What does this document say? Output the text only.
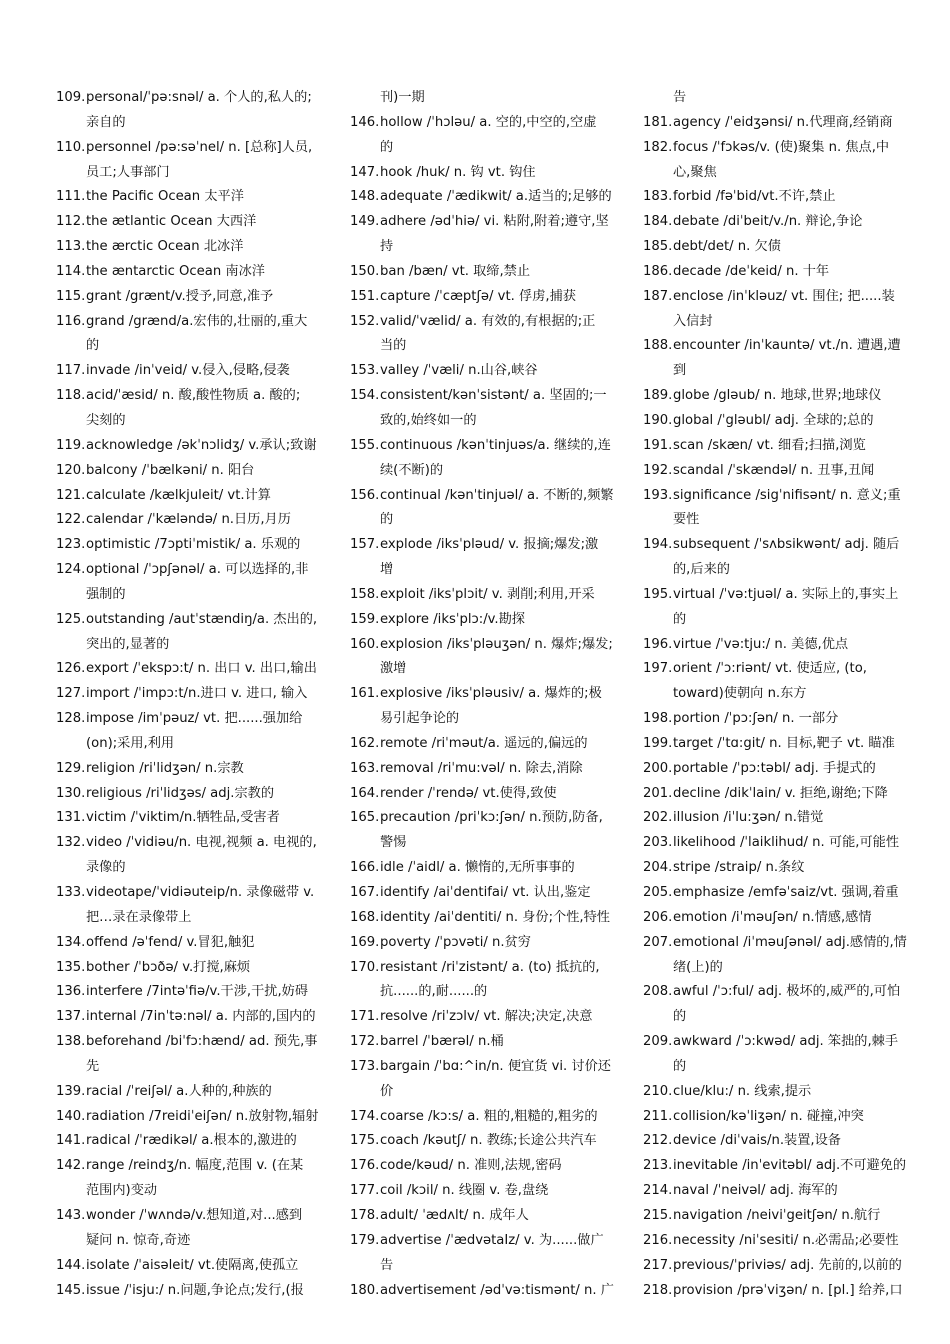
109.personal/ˈpə:snəl/ a. 个人的,私人的;
亲自的
110.personnel /pə:səˈnel/ n. [总称]人员,
员工;人事部门
111.the Pacific Ocean 太平洋
112.the ætlantic Ocean 大西洋
113.the ærctic Ocean 北冰洋
114.the æntarctic Ocean 南冰洋
115.grant /grænt/v.授予,同意,准予
116.grand /grænd/a.宏伟的,壮丽的,重大
的
117.invade /inˈveid/ v.侵入,侵略,侵袭
118.acid/ˈæsid/ n. 酸,酸性物质 a. 酸的;
尖刻的
119.acknowledge /əkˈnɔlidʒ/ v.承认;致谢
120.balcony /ˈbælkəni/ n. 阳台
121.calculate /kælkjuleit/ vt.计算
122.calendar /ˈkæləndə/ n.日历,月历
123.optimistic /7ɔptiˈmistik/ a. 乐观的
124.optional /ˈɔpʃənəl/ a. 可以选择的,非
强制的
125.outstanding /autˈstændiŋ/a. 杰出的,
突出的,显著的
126.export /ˈekspɔ:t/ n. 出口 v. 出口,输出
127.import /ˈimpɔ:t/n.进口 v. 进口, 输入
128.impose /imˈpəuz/ vt. 把......强加给
(on);采用,利用
129.religion /riˈlidʒən/ n.宗教
130.religious /riˈlidʒəs/ adj.宗教的
131.victim /ˈviktim/n.牺牲品,受害者
132.video /ˈvidiəu/n. 电视,视频 a. 电视的,
录像的
133.videotape/ˈvidiəuteip/n. 录像磁带 v.
把…录在录像带上
134.offend /əˈfend/ v.冒犯,触犯
135.bother /ˈbɔðə/ v.打搅,麻烦
136.interfere /7intəˈfiə/v.干涉,干扰,妨碍
137.internal /7inˈtə:nəl/ a. 内部的,国内的
138.beforehand /biˈfɔ:hænd/ ad. 预先,事
先
139.racial /ˈreiʃəl/ a.人种的,种族的
140.radiation /7reidiˈeiʃən/ n.放射物,辐射
141.radical /ˈrædikəl/ a.根本的,激进的
142.range /reindʒ/n. 幅度,范围 v. (在某
范围内)变动
143.wonder /ˈwʌndə/v.想知道,对...感到
疑问 n. 惊奇,奇迹
144.isolate /ˈaisəleit/ vt.使隔离,使孤立
145.issue /ˈisju:/ n.问题,争论点;发行,(报
刊)一期
146.hollow /ˈhɔləu/ a. 空的,中空的,空虚
的
147.hook /huk/ n. 钩 vt. 钩住
148.adequate /ˈædikwit/ a.适当的;足够的
149.adhere /ədˈhiə/ vi. 粘附,附着;遵守,坚
持
150.ban /bæn/ vt. 取缔,禁止
151.capture /ˈcæptʃə/ vt. 俘虏,捕获
152.valid/ˈvælid/ a. 有效的,有根据的;正
当的
153.valley /ˈvæli/ n.山谷,峡谷
154.consistent/kənˈsistənt/ a. 坚固的;一
致的,始终如一的
155.continuous /kənˈtinjuəs/a. 继续的,连
续(不断)的
156.continual /kənˈtinjuəl/ a. 不断的,频繁
的
157.explode /iksˈpləud/ v. 报摘;爆发;激
增
158.exploit /iksˈplɔit/ v. 剥削;利用,开采
159.explore /iksˈplɔ:/v.勘探
160.explosion /iksˈpləuʒən/ n. 爆炸;爆发;
激增
161.explosive /iksˈpləusiv/ a. 爆炸的;极
易引起争论的
162.remote /riˈməut/a. 遥远的,偏远的
163.removal /riˈmu:vəl/ n. 除去,消除
164.render /ˈrendə/ vt.使得,致使
165.precaution /priˈkɔ:ʃən/ n.预防,防备,
警惕
166.idle /ˈaidl/ a. 懒惰的,无所事事的
167.identify /aiˈdentifai/ vt. 认出,鉴定
168.identity /aiˈdentiti/ n. 身份;个性,特性
169.poverty /ˈpɔvəti/ n.贫穷
170.resistant /riˈzistənt/ a. (to) 抵抗的,
抗......的,耐......的
171.resolve /riˈzɔlv/ vt. 解决;决定,决意
172.barrel /ˈbærəl/ n.桶
173.bargain /ˈbɑ:^in/n. 便宜货 vi. 讨价还
价
174.coarse /kɔ:s/ a. 粗的,粗糙的,粗劣的
175.coach /kəutʃ/ n. 教练;长途公共汽车
176.code/kəud/ n. 准则,法规,密码
177.coil /kɔil/ n. 线圈 v. 卷,盘绕
178.adult/ ˈædʌlt/ n. 成年人
179.advertise /ˈædvətaIz/ v. 为......做广
告
180.advertisement /ədˈvə:tismənt/ n. 广
告
181.agency /ˈeidʒənsi/ n.代理商,经销商
182.focus /ˈfɔkəs/v. (使)聚集 n. 焦点,中
心,聚焦
183.forbid /fəˈbid/vt.不许,禁止
184.debate /diˈbeit/v./n. 辩论,争论
185.debt/det/ n. 欠债
186.decade /deˈkeid/ n. 十年
187.enclose /inˈkləuz/ vt. 围住; 把.....装
入信封
188.encounter /inˈkauntə/ vt./n. 遭遇,遭
到
189.globe /gləub/ n. 地球,世界;地球仪
190.global /ˈgləubl/ adj. 全球的;总的
191.scan /skæn/ vt. 细看;扫描,浏览
192.scandal /ˈskændəl/ n. 丑事,丑闻
193.significance /sigˈnifisənt/ n. 意义;重
要性
194.subsequent /ˈsʌbsikwənt/ adj. 随后
的,后来的
195.virtual /ˈvə:tjuəl/ a. 实际上的,事实上
的
196.virtue /ˈvə:tju:/ n. 美德,优点
197.orient /ˈɔ:riənt/ vt. 使适应, (to,
toward)使朝向 n.东方
198.portion /ˈpɔ:ʃən/ n. 一部分
199.target /ˈtɑ:git/ n. 目标,靶子 vt. 瞄准
200.portable /ˈpɔ:təbl/ adj. 手提式的
201.decline /dikˈlain/ v. 拒绝,谢绝;下降
202.illusion /iˈlu:ʒən/ n.错觉
203.likelihood /ˈlaiklihud/ n. 可能,可能性
204.stripe /straip/ n.条纹
205.emphasize /emfəˈsaiz/vt. 强调,着重
206.emotion /iˈməuʃən/ n.情感,感情
207.emotional /iˈməuʃənəl/ adj.感情的,情
绪(上)的
208.awful /ˈɔ:ful/ adj. 极坏的,威严的,可怕
的
209.awkward /ˈɔ:kwəd/ adj. 笨拙的,棘手
的
210.clue/klu:/ n. 线索,提示
211.collision/kəˈliʒən/ n. 碰撞,冲突
212.device /diˈvais/n.装置,设备
213.inevitable /inˈevitəbl/ adj.不可避免的
214.naval /ˈneivəl/ adj. 海军的
215.navigation /neiviˈgeitʃən/ n.航行
216.necessity /niˈsesiti/ n.必需品;必要性
217.previous/ˈpriviəs/ adj. 先前的,以前的
218.provision /prəˈviʒən/ n. [pl.] 给养,口
